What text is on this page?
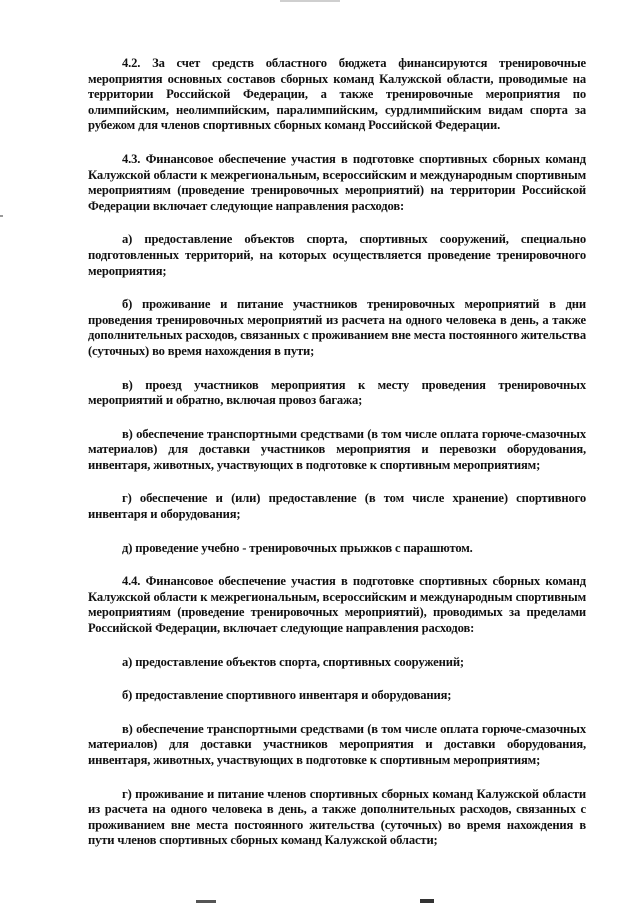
4.2. За счет средств областного бюджета финансируются тренировочные мероприятия основных составов сборных команд Калужской области, проводимые на территории Российской Федерации, а также тренировочные мероприятия по олимпийским, неолимпийским, паралимпийским, сурдлимпийским видам спорта за рубежом для членов спортивных сборных команд Российской Федерации.

4.3. Финансовое обеспечение участия в подготовке спортивных сборных команд Калужской области к межрегиональным, всероссийским и международным спортивным мероприятиям (проведение тренировочных мероприятий) на территории Российской Федерации включает следующие направления расходов:

а) предоставление объектов спорта, спортивных сооружений, специально подготовленных территорий, на которых осуществляется проведение тренировочного мероприятия;

б) проживание и питание участников тренировочных мероприятий в дни проведения тренировочных мероприятий из расчета на одного человека в день, а также дополнительных расходов, связанных с проживанием вне места постоянного жительства (суточных) во время нахождения в пути;

в) проезд участников мероприятия к месту проведения тренировочных мероприятий и обратно, включая провоз багажа;

в) обеспечение транспортными средствами (в том числе оплата горюче-смазочных материалов) для доставки участников мероприятия и перевозки оборудования, инвентаря, животных, участвующих в подготовке к спортивным мероприятиям;

г) обеспечение и (или) предоставление (в том числе хранение) спортивного инвентаря и оборудования;

д) проведение учебно - тренировочных прыжков с парашютом.

4.4. Финансовое обеспечение участия в подготовке спортивных сборных команд Калужской области к межрегиональным, всероссийским и международным спортивным мероприятиям (проведение тренировочных мероприятий), проводимых за пределами Российской Федерации, включает следующие направления расходов:

а) предоставление объектов спорта, спортивных сооружений;

б) предоставление спортивного инвентаря и оборудования;

в) обеспечение транспортными средствами (в том числе оплата горюче-смазочных материалов) для доставки участников мероприятия и доставки оборудования, инвентаря, животных, участвующих в подготовке к спортивным мероприятиям;

г) проживание и питание членов спортивных сборных команд Калужской области из расчета на одного человека в день, а также дополнительных расходов, связанных с проживанием вне места постоянного жительства (суточных) во время нахождения в пути членов спортивных сборных команд Калужской области;
